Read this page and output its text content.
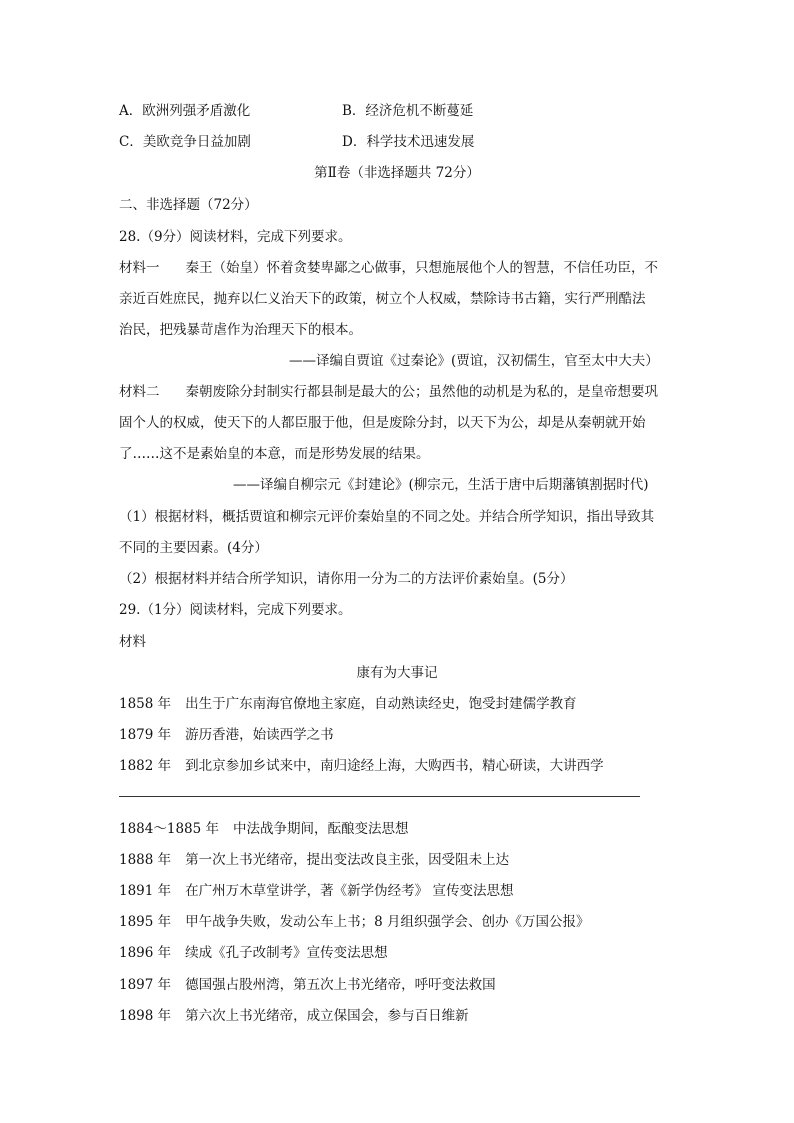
A．欧洲列强矛盾激化	B．经济危机不断蔓延
C．美欧竞争日益加剧	D．科学技术迅速发展
第Ⅱ卷（非选择题共 72分）
二、非选择题（72分）
28.（9分）阅读材料，完成下列要求。
材料一 秦王（始皇）怀着贪婪卑鄙之心做事，只想施展他个人的智慧，不信任功臣，不
亲近百姓庶民，抛弃以仁义治天下的政策，树立个人权威，禁除诗书古籍，实行严刑酷法
治民，把残暴苛虐作为治理天下的根本。
——译编自贾谊《过秦论》(贾谊，汉初儒生，官至太中大夫）
材料二 秦朝废除分封制实行都县制是最大的公；虽然他的动机是为私的，是皇帝想要巩
固个人的权威，使天下的人都臣服于他，但是废除分封，以天下为公，却是从秦朝就开始
了……这不是素始皇的本意，而是形势发展的结果。
——译编自柳宗元《封建论》(柳宗元，生活于唐中后期藩镇割据时代)
（1）根据材料，概括贾谊和柳宗元评价秦始皇的不同之处。并结合所学知识，指出导致其
不同的主要因素。(4分）
（2）根据材料并结合所学知识，请你用一分为二的方法评价素始皇。(5分）
29.（1分）阅读材料，完成下列要求。
材料
康有为大事记
1858 年 出生于广东南海官僚地主家庭，自动熟读经史，饱受封建儒学教育
1879 年 游历香港，始读西学之书
1882 年 到北京参加乡试来中，南归途经上海，大购西书，精心研读，大讲西学
1884～1885 年 中法战争期间，酝酿变法思想
1888 年 第一次上书光绪帝，提出变法改良主张，因受阻未上达
1891 年 在广州万木草堂讲学，著《新学伪经考》 宣传变法思想
1895 年 甲午战争失败，发动公车上书；8 月组织强学会、创办《万国公报》
1896 年 续成《孔子改制考》宣传变法思想
1897 年 德国强占股州湾，第五次上书光绪帝，呼吁变法救国
1898 年 第六次上书光绪帝，成立保国会，参与百日维新
